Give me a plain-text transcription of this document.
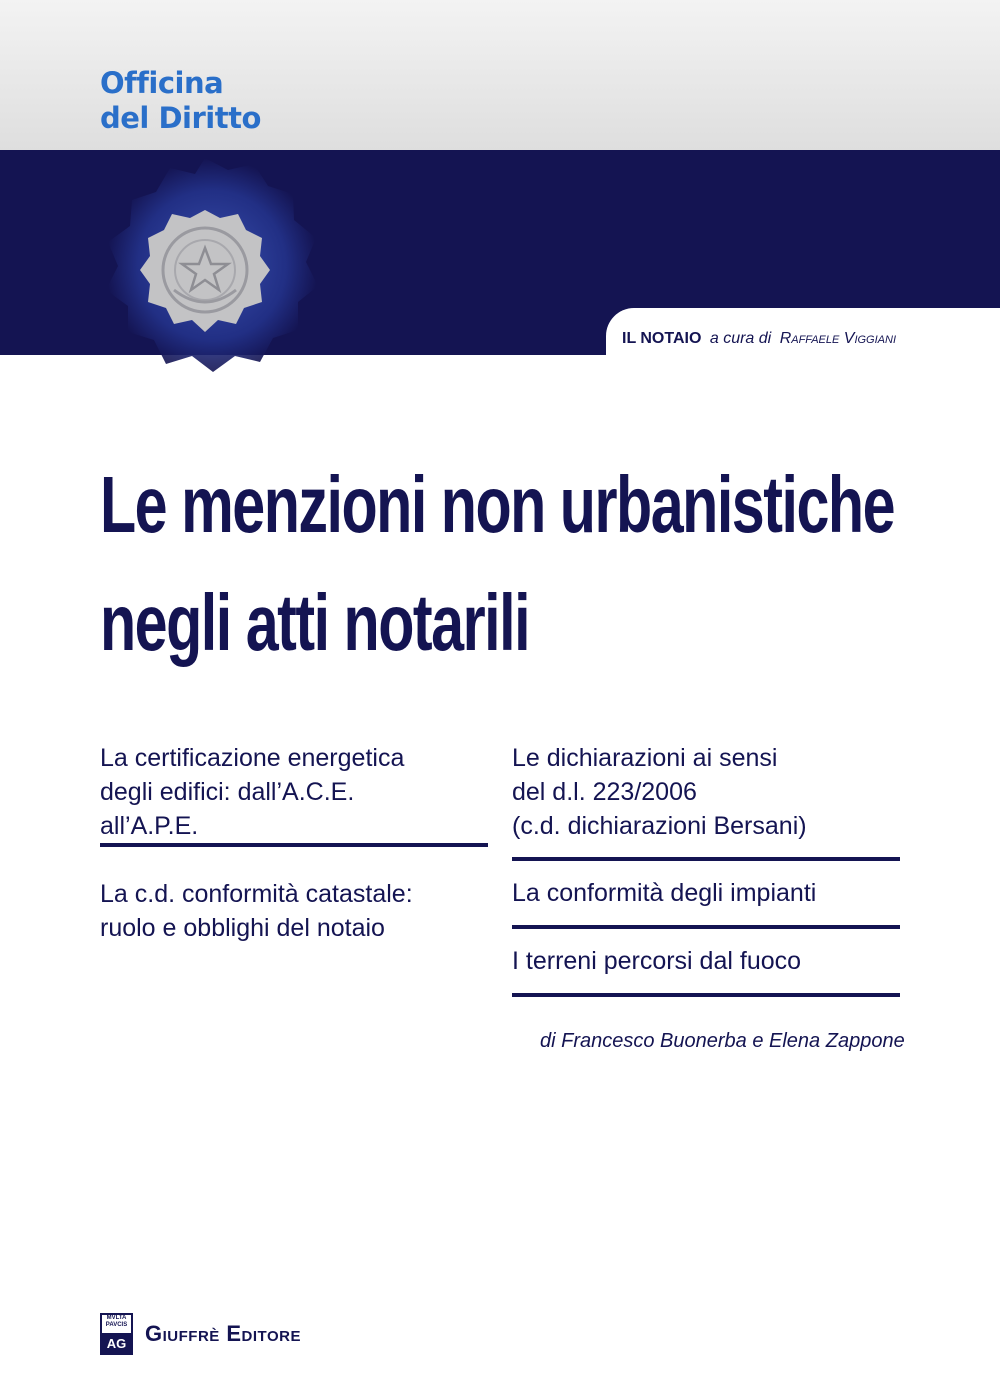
Officina
del Diritto
IL NOTAIO a cura di Raffaele Viggiani
Le menzioni non urbanistiche
negli atti notarili
La certificazione energetica
degli edifici: dall’A.C.E.
all’A.P.E.
La c.d. conformità catastale:
ruolo e obblighi del notaio
Le dichiarazioni ai sensi
del d.l. 223/2006
(c.d. dichiarazioni Bersani)
La conformità degli impianti
I terreni percorsi dal fuoco
di Francesco Buonerba e Elena Zappone
MVLTA PAVCIS
AG Giuffrè Editore
